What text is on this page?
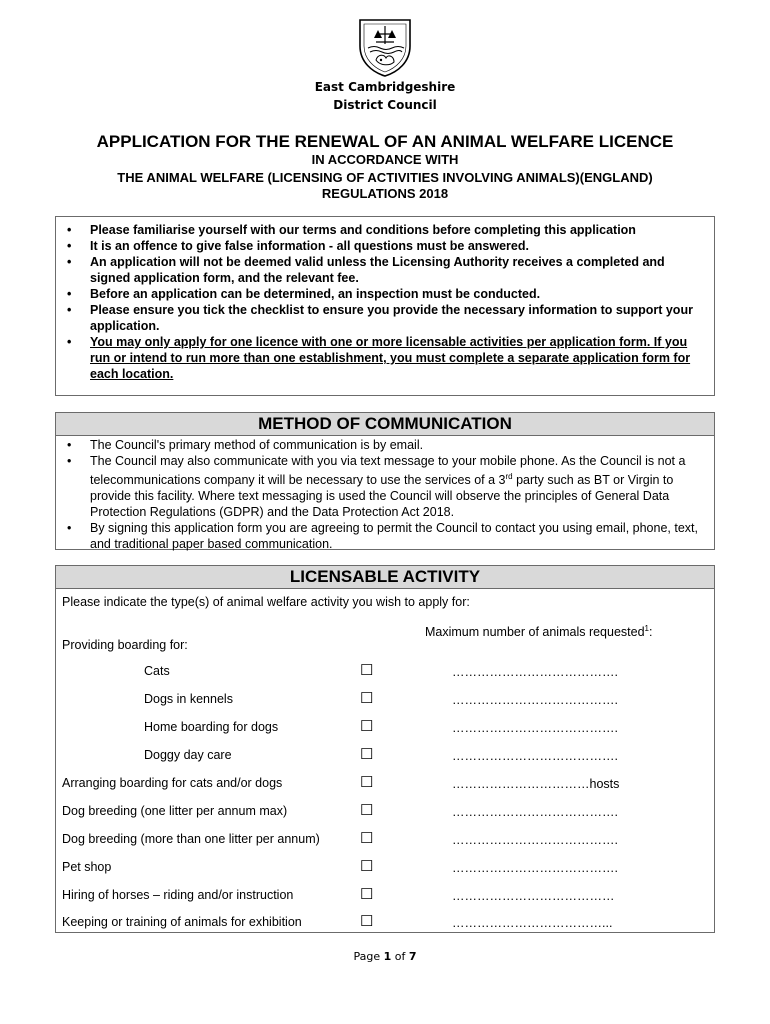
East Cambridgeshire
District Council
APPLICATION FOR THE RENEWAL OF AN ANIMAL WELFARE LICENCE
IN ACCORDANCE WITH
THE ANIMAL WELFARE (LICENSING OF ACTIVITIES INVOLVING ANIMALS)(ENGLAND)
REGULATIONS 2018
• Please familiarise yourself with our terms and conditions before completing this application
• It is an offence to give false information - all questions must be answered.
• An application will not be deemed valid unless the Licensing Authority receives a completed and signed application form, and the relevant fee.
• Before an application can be determined, an inspection must be conducted.
• Please ensure you tick the checklist to ensure you provide the necessary information to support your application.
• You may only apply for one licence with one or more licensable activities per application form. If you run or intend to run more than one establishment, you must complete a separate application form for each location.
METHOD OF COMMUNICATION
• The Council's primary method of communication is by email.
• The Council may also communicate with you via text message to your mobile phone. As the Council is not a telecommunications company it will be necessary to use the services of a 3rd party such as BT or Virgin to provide this facility. Where text messaging is used the Council will observe the principles of General Data Protection Regulations (GDPR) and the Data Protection Act 2018.
• By signing this application form you are agreeing to permit the Council to contact you using email, phone, text, and traditional paper based communication.
LICENSABLE ACTIVITY
Please indicate the type(s) of animal welfare activity you wish to apply for:
Maximum number of animals requested$^1$:
Providing boarding for:
Cats	☐	………………………………….
Dogs in kennels	☐	………………………………….
Home boarding for dogs	☐	………………………………….
Doggy day care	☐	………………………………….
Arranging boarding for cats and/or dogs	☐	……………………………hosts
Dog breeding (one litter per annum max)	☐	………………………………….
Dog breeding (more than one litter per annum)	☐	………………………………….
Pet shop	☐	………………………………….
Hiring of horses – riding and/or instruction	☐	…………………………………
Keeping or training of animals for exhibition	☐	………………………………...
Page 1 of 7
